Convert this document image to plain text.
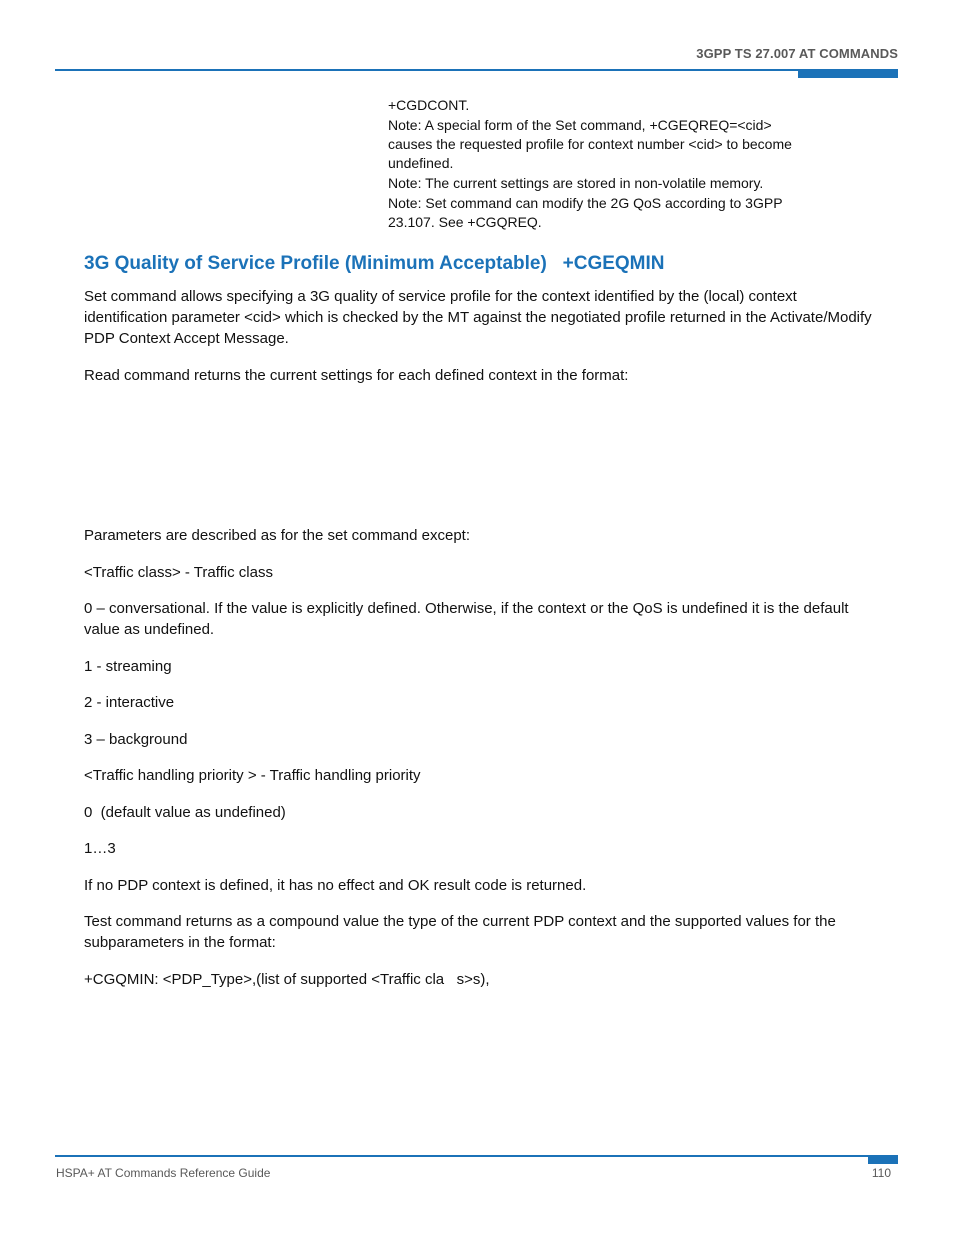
3GPP TS 27.007 AT COMMANDS

+CGDCONT.

Note: A special form of the Set command, +CGEQREQ=<cid> causes the requested profile for context number <cid> to become undefined.

Note: The current settings are stored in non-volatile memory.

Note: Set command can modify the 2G QoS according to 3GPP 23.107. See +CGQREQ.

3G Quality of Service Profile (Minimum Acceptable)   +CGEQMIN

Set command allows specifying a 3G quality of service profile for the context identified by the (local) context identification parameter <cid> which is checked by the MT against the negotiated profile returned in the Activate/Modify PDP Context Accept Message.

Read command returns the current settings for each defined context in the format:

Parameters are described as for the set command except:

<Traffic class> - Traffic class

0 – conversational. If the value is explicitly defined. Otherwise, if the context or the QoS is undefined it is the default value as undefined.

1 - streaming

2 - interactive

3 – background

<Traffic handling priority > - Traffic handling priority

0  (default value as undefined)

1…3

If no PDP context is defined, it has no effect and OK result code is returned.

Test command returns as a compound value the type of the current PDP context and the supported values for the subparameters in the format:

+CGQMIN: <PDP_Type>,(list of supported <Traffic cla   s>s),

HSPA+ AT Commands Reference Guide	110
